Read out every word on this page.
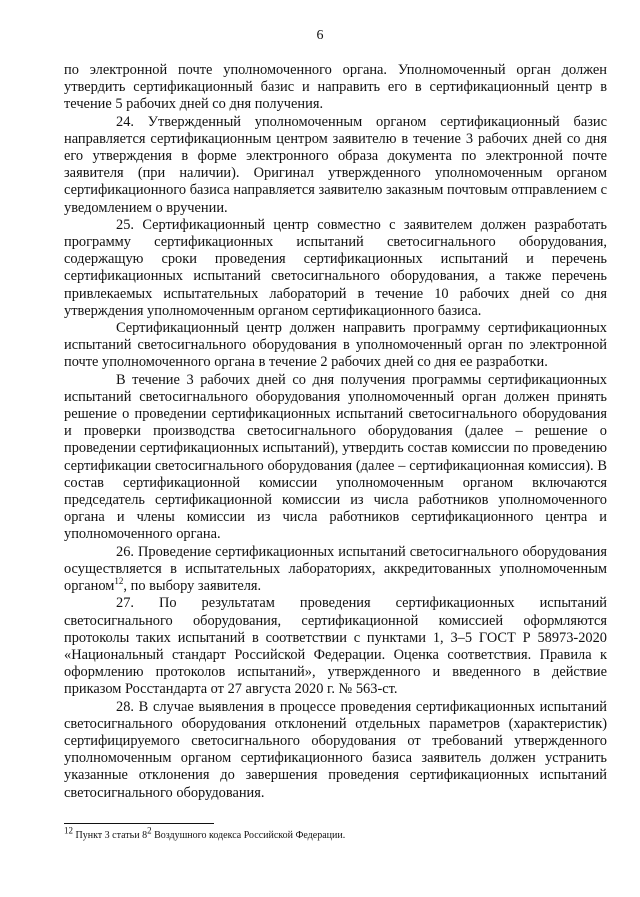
6

по электронной почте уполномоченного органа. Уполномоченный орган должен утвердить сертификационный базис и направить его в сертификационный центр в течение 5 рабочих дней со дня получения.

24. Утвержденный уполномоченным органом сертификационный базис направляется сертификационным центром заявителю в течение 3 рабочих дней со дня его утверждения в форме электронного образа документа по электронной почте заявителя (при наличии). Оригинал утвержденного уполномоченным органом сертификационного базиса направляется заявителю заказным почтовым отправлением с уведомлением о вручении.

25. Сертификационный центр совместно с заявителем должен разработать программу сертификационных испытаний светосигнального оборудования, содержащую сроки проведения сертификационных испытаний и перечень сертификационных испытаний светосигнального оборудования, а также перечень привлекаемых испытательных лабораторий в течение 10 рабочих дней со дня утверждения уполномоченным органом сертификационного базиса.

Сертификационный центр должен направить программу сертификационных испытаний светосигнального оборудования в уполномоченный орган по электронной почте уполномоченного органа в течение 2 рабочих дней со дня ее разработки.

В течение 3 рабочих дней со дня получения программы сертификационных испытаний светосигнального оборудования уполномоченный орган должен принять решение о проведении сертификационных испытаний светосигнального оборудования и проверки производства светосигнального оборудования (далее – решение о проведении сертификационных испытаний), утвердить состав комиссии по проведению сертификации светосигнального оборудования (далее – сертификационная комиссия). В состав сертификационной комиссии уполномоченным органом включаются председатель сертификационной комиссии из числа работников уполномоченного органа и члены комиссии из числа работников сертификационного центра и уполномоченного органа.

26. Проведение сертификационных испытаний светосигнального оборудования осуществляется в испытательных лабораториях, аккредитованных уполномоченным органом$^{12}$, по выбору заявителя.

27. По результатам проведения сертификационных испытаний светосигнального оборудования, сертификационной комиссией оформляются протоколы таких испытаний в соответствии с пунктами 1, 3–5 ГОСТ Р 58973-2020 «Национальный стандарт Российской Федерации. Оценка соответствия. Правила к оформлению протоколов испытаний», утвержденного и введенного в действие приказом Росстандарта от 27 августа 2020 г. № 563-ст.

28. В случае выявления в процессе проведения сертификационных испытаний светосигнального оборудования отклонений отдельных параметров (характеристик) сертифицируемого светосигнального оборудования от требований утвержденного уполномоченным органом сертификационного базиса заявитель должен устранить указанные отклонения до завершения проведения сертификационных испытаний светосигнального оборудования.

$^{12}$ Пункт 3 статьи $8^2$ Воздушного кодекса Российской Федерации.
